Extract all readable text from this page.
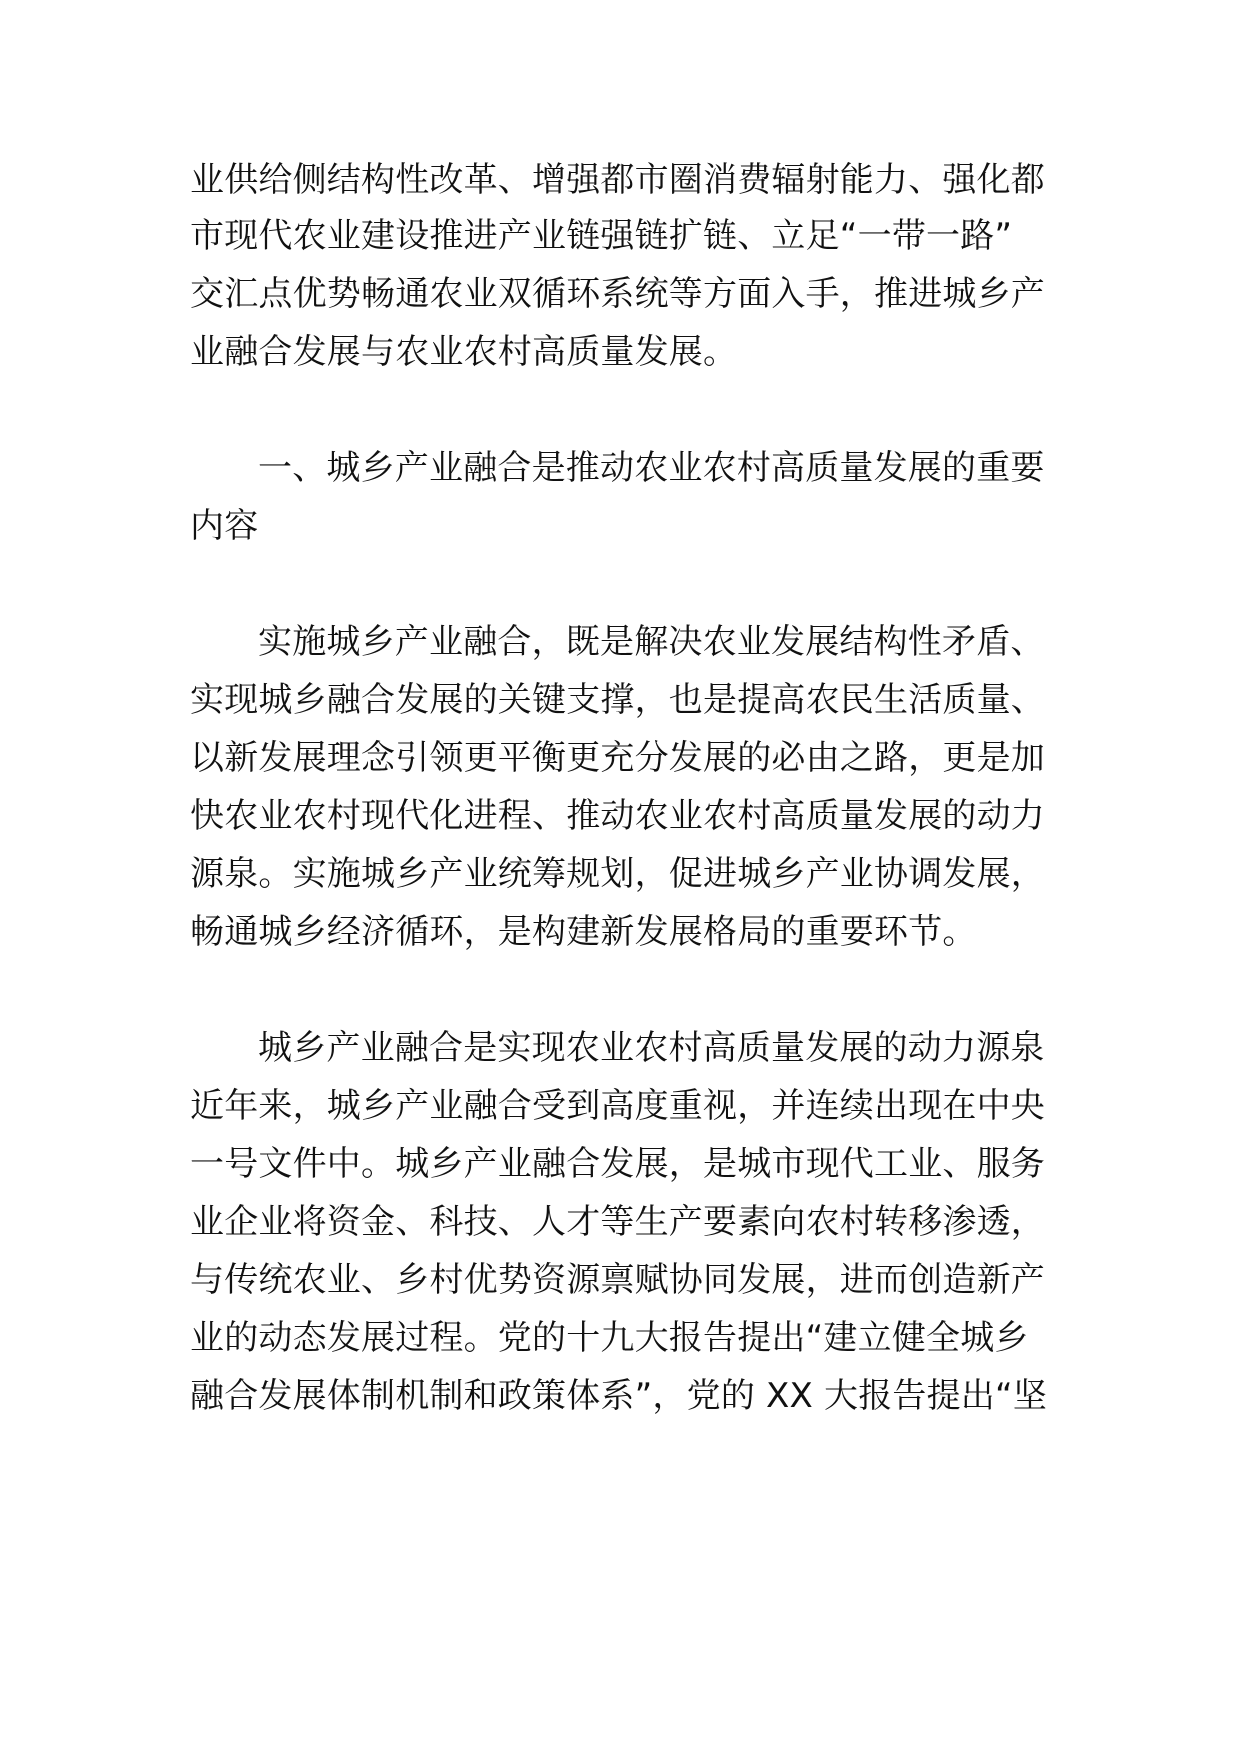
业供给侧结构性改革、增强都市圈消费辐射能力、强化都
市现代农业建设推进产业链强链扩链、立足“一带一路”
交汇点优势畅通农业双循环系统等方面入手，推进城乡产
业融合发展与农业农村高质量发展。
一、城乡产业融合是推动农业农村高质量发展的重要
内容
实施城乡产业融合，既是解决农业发展结构性矛盾、
实现城乡融合发展的关键支撑，也是提高农民生活质量、
以新发展理念引领更平衡更充分发展的必由之路，更是加
快农业农村现代化进程、推动农业农村高质量发展的动力
源泉。实施城乡产业统筹规划，促进城乡产业协调发展，
畅通城乡经济循环，是构建新发展格局的重要环节。
城乡产业融合是实现农业农村高质量发展的动力源泉
近年来，城乡产业融合受到高度重视，并连续出现在中央
一号文件中。城乡产业融合发展，是城市现代工业、服务
业企业将资金、科技、人才等生产要素向农村转移渗透，
与传统农业、乡村优势资源禀赋协同发展，进而创造新产
业的动态发展过程。党的十九大报告提出“建立健全城乡
融合发展体制机制和政策体系”，党的 XX 大报告提出“坚
